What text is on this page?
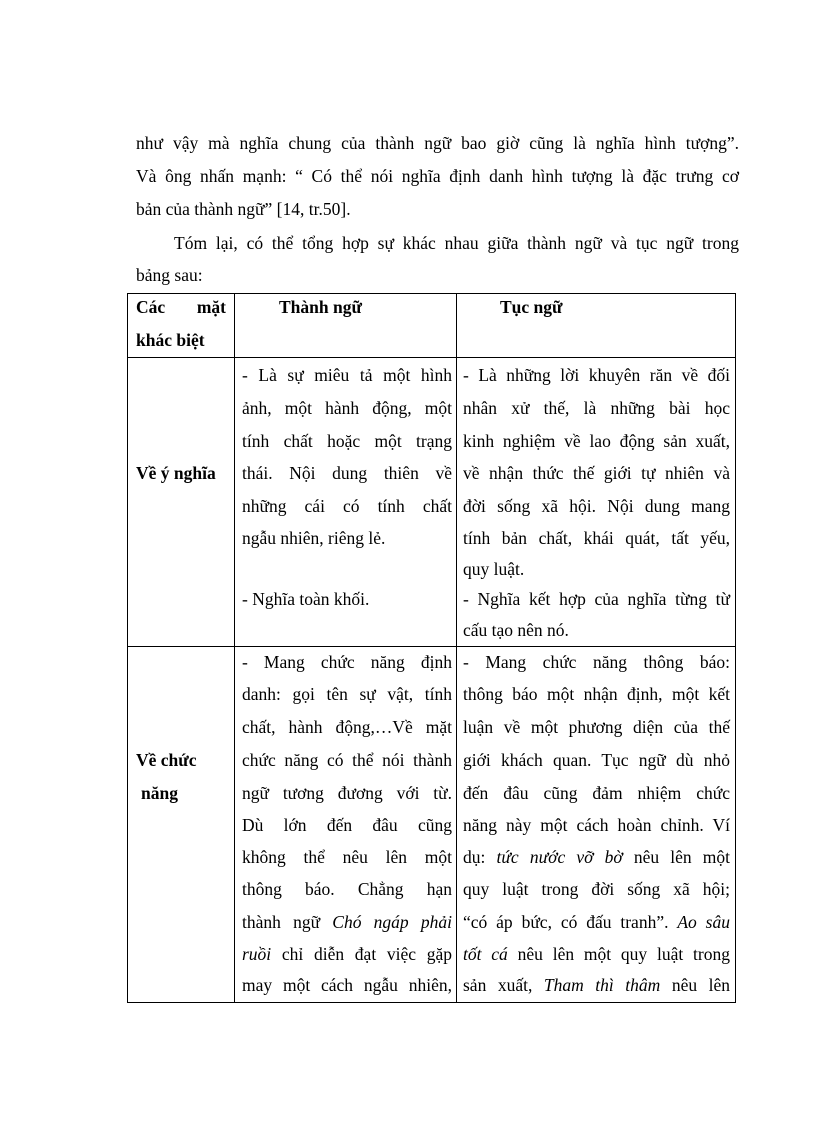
như vậy mà nghĩa chung của thành ngữ bao giờ cũng là nghĩa hình tượng”.
Và ông nhấn mạnh: “ Có thể nói nghĩa định danh hình tượng là đặc trưng cơ
bản của thành ngữ” [14, tr.50].
Tóm lại, có thể tổng hợp sự khác nhau giữa thành ngữ và tục ngữ trong
bảng sau:
Các mặt
khác biệt
Thành ngữ	Tục ngữ
Về ý nghĩa
- Là sự miêu tả một hình
ảnh, một hành động, một
tính chất hoặc một trạng
thái. Nội dung thiên về
những cái có tính chất
ngẫu nhiên, riêng lẻ.
- Nghĩa toàn khối.
- Là những lời khuyên răn về đối
nhân xử thế, là những bài học
kinh nghiệm về lao động sản xuất,
về nhận thức thế giới tự nhiên và
đời sống xã hội. Nội dung mang
tính bản chất, khái quát, tất yếu,
quy luật.
- Nghĩa kết hợp của nghĩa từng từ
cấu tạo nên nó.
Về chức
năng
- Mang chức năng định
danh: gọi tên sự vật, tính
chất, hành động,…Về mặt
chức năng có thể nói thành
ngữ tương đương với từ.
Dù lớn đến đâu cũng
không thể nêu lên một
thông báo. Chẳng hạn
thành ngữ Chó ngáp phải
ruồi chỉ diễn đạt việc gặp
may một cách ngẫu nhiên,
- Mang chức năng thông báo:
thông báo một nhận định, một kết
luận về một phương diện của thế
giới khách quan. Tục ngữ dù nhỏ
đến đâu cũng đảm nhiệm chức
năng này một cách hoàn chỉnh. Ví
dụ: tức nước vỡ bờ nêu lên một
quy luật trong đời sống xã hội;
“có áp bức, có đấu tranh”. Ao sâu
tốt cá nêu lên một quy luật trong
sản xuất, Tham thì thâm nêu lên
